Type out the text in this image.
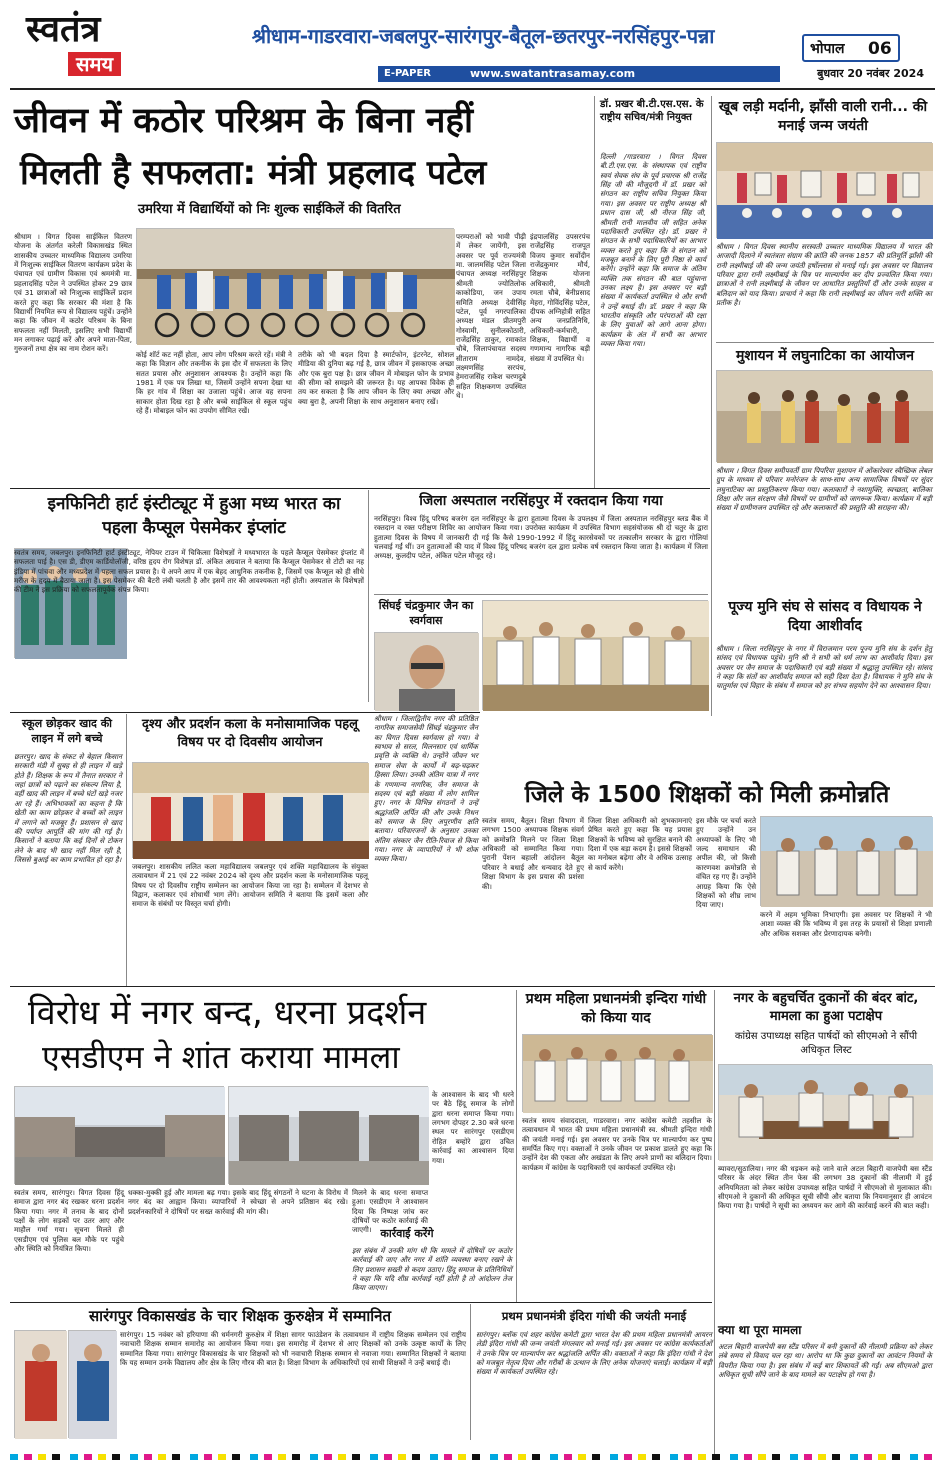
स्वतंत्र
समय
श्रीधाम-गाडरवारा-जबलपुर-सारंगपुर-बैतूल-छतरपुर-नरसिंहपुर-पन्ना
भोपाल 06
E-PAPER	www.swatantrasamay.com	बुधवार 20 नवंबर 2024
जीवन में कठोर परिश्रम के बिना नहीं
मिलती है सफलता: मंत्री प्रहलाद पटेल
उमरिया में विद्यार्थियों को निः शुल्क साईकिलें की वितरित
श्रीधाम । विगत दिवस साईकिल वितरण योजना के अंतर्गत करेली विकासखंड स्थित शासकीय उच्चतर माध्यमिक विद्यालय उमरिया में निःशुल्क साईकिल वितरण कार्यक्रम प्रदेश के पंचायत एवं ग्रामीण विकास एवं श्रममंत्री मा. प्रहलादसिंह पटेल ने उपस्थित होकर 29 छात्र एवं 31 छात्राओं को निःशुल्क साईकिलें प्रदान करते हुए कहा कि सरकार की मंशा है कि विद्यार्थी नियमित रूप से विद्यालय पहुंचें। उन्होंने कहा कि जीवन में कठोर परिश्रम के बिना सफलता नहीं मिलती, इसलिए सभी विद्यार्थी मन लगाकर पढ़ाई करें और अपने माता-पिता, गुरुजनों तथा क्षेत्र का नाम रोशन करें।
कोई शॉर्ट कट नहीं होता, आप लोग परिश्रम करते रहें। मंत्री ने कहा कि विज्ञान और तकनीक के इस दौर में सफलता के लिए सतत प्रयास और अनुशासन आवश्यक है। उन्होंने कहा कि 1981 में एक पत्र लिखा था, जिसमें उन्होंने सपना देखा था कि हर गांव में शिक्षा का उजाला पहुंचे। आज वह सपना साकार होता दिख रहा है और बच्चे साईकिल से स्कूल पहुंच रहे हैं। मोबाइल फोन का उपयोग सीमित रखें।
तरीके को भी बदल दिया है स्मार्टफोन, इंटरनेट, सोशल मीडिया की दुनिया बढ़ गई है, छात्र जीवन में इसकाएक अच्छा और एक बुरा पक्ष है। छात्र जीवन में मोबाइल फोन के प्रभाव की सीमा को समझने की जरूरत है। यह आपका विवेक ही तय कर सकता है कि आप जीवन के लिए क्या अच्छा और क्या बुरा है, अपनी शिक्षा के साथ अनुशासन बनाए रखें।
परम्पराओं को भावी पीढ़ी में लेकर जायेंगी, इस अवसर पर पूर्व राज्यमंत्री मा. जालमसिंह पटेल जिला पंचायत अध्यक्ष नरसिंहपुर श्रीमती ज्योतिलोक काकोडिया, जन उपाय समिति अध्यक्ष देवीसिंह पटेल, पूर्व नगरपालिका अध्यक्ष मंडल प्रीतमपुरी गोस्वामी, सुनीलकोठारी, राजेंद्रसिंह ठाकुर, रमाकांत चौबे, जिलापंचायत सदस्य सीताराम नामदेव, लक्ष्मणसिंह सरपंच, हेमराजसिंह राकेश चरणदुबे सहित शिक्षकगण उपस्थित थे।
इंद्रपालसिंह उपसरपंच राजेंद्रसिंह राजपूत विजय कुमार सर्वोदीन राजेंद्रकुमार मौर्य, शिक्षक योजना अधिकारी, श्रीमती रमता चौबे, बेनीप्रसाद मेहरा, गोविंदसिंह पटेल, दीपक अग्निहोत्री सहित अन्य जनप्रतिनिधि, अधिकारी-कर्मचारी, शिक्षक, विद्यार्थी व गणमान्य नागरिक बड़ी संख्या में उपस्थित थे।
डॉ. प्रखर बी.टी.एस.एस. के राष्ट्रीय सचिव/मंत्री नियुक्त
दिल्ली /गाडरवारा । विगत दिवस बी.टी.एस.एस. के संस्थापक एवं राष्ट्रीय स्वयं सेवक संघ के पूर्व प्रचारक श्री राजेंद्र सिंह जी की मौजूदगी में डॉ. प्रखर को संगठन का राष्ट्रीय सचिव नियुक्त किया गया। इस अवसर पर राष्ट्रीय अध्यक्ष श्री प्रधान दास जी, श्री नीरज सिंह जी, श्रीमती रानी मालवीय जी सहित अनेक पदाधिकारी उपस्थित रहे। डॉ. प्रखर ने संगठन के सभी पदाधिकारियों का आभार व्यक्त करते हुए कहा कि वे संगठन को मजबूत बनाने के लिए पूरी निष्ठा से कार्य करेंगे। उन्होंने कहा कि समाज के अंतिम व्यक्ति तक संगठन की बात पहुंचाना उनका लक्ष्य है। इस अवसर पर बड़ी संख्या में कार्यकर्ता उपस्थित थे और सभी ने उन्हें बधाई दी। डॉ. प्रखर ने कहा कि भारतीय संस्कृति और परंपराओं की रक्षा के लिए युवाओं को आगे आना होगा। कार्यक्रम के अंत में सभी का आभार व्यक्त किया गया।
खूब लड़ी मर्दानी, झाँसी वाली रानी... की मनाई जन्म जयंती
श्रीधाम । विगत दिवस स्थानीय सरस्वती उच्चतर माध्यमिक विद्यालय में भारत की आजादी दिलाने में स्वतंत्रता संग्राम की क्रांति की जनक 1857 की प्रतिमूर्ति झाँसी की रानी लक्ष्मीबाई जी की जन्म जयंती हर्षोल्लास से मनाई गई। इस अवसर पर विद्यालय परिवार द्वारा रानी लक्ष्मीबाई के चित्र पर माल्यार्पण कर दीप प्रज्वलित किया गया। छात्राओं ने रानी लक्ष्मीबाई के जीवन पर आधारित प्रस्तुतियाँ दीं और उनके साहस व बलिदान को याद किया। प्राचार्य ने कहा कि रानी लक्ष्मीबाई का जीवन नारी शक्ति का प्रतीक है।
मुशायन में लघुनाटिका का आयोजन
श्रीधाम । विगत दिवस समीपवर्ती ग्राम पिपरिया मुशायन में ओंकारेश्वर स्वैच्छिक लेबल ग्रुप के माध्यम से परिवार मनोरंजन के साथ-साथ अन्य सामाजिक विषयों पर सुंदर लघुनाटिका का प्रस्तुतिकरण किया गया। कलाकारों ने नशामुक्ति, स्वच्छता, बालिका शिक्षा और जल संरक्षण जैसे विषयों पर ग्रामीणों को जागरूक किया। कार्यक्रम में बड़ी संख्या में ग्रामीणजन उपस्थित रहे और कलाकारों की प्रस्तुति की सराहना की।
इनफिनिटी हार्ट इंस्टीट्यूट में हुआ मध्य भारत का पहला कैप्सूल पेसमेकर इंप्लांट
स्वतंत्र समय, जबलपुर। इनफिनिटी हार्ट इंस्टीट्यूट, नेपियर टाउन में चिकित्सा विशेषज्ञों ने मध्यभारत के पहले कैप्सूल पेसमेकर इंप्लांट में सफलता पाई है। एस डी, डीएम कार्डियोलॉजी, वरिष्ठ हृदय रोग विशेषज्ञ डॉ. अंकित अग्रवाल ने बताया कि कैप्सूल पेसमेकर से टोटी का नह इंडिया में पांचवा और मध्यप्रदेश में पहला सफल प्रयास है। ये अपने आप में एक बेहद आधुनिक तकनीक है, जिसमें एक कैप्सूल को ही सीधे मरीज के हृदय में बैठाया जाता है। इस पेसमेकर की बैटरी लंबी चलती है और इसमें तार की आवश्यकता नहीं होती। अस्पताल के विशेषज्ञों की टीम ने इस प्रक्रिया को सफलतापूर्वक संपन्न किया।
जिला अस्पताल नरसिंहपुर में रक्तदान किया गया
नरसिंहपुर। विश्व हिंदू परिषद बजरंग दल नरसिंहपुर के द्वारा हुतात्मा दिवस के उपलक्ष्य में जिला अस्पताल नरसिंहपुर ब्लड बैंक में रक्तदान व रक्त परीक्षण शिविर का आयोजन किया गया। उपरोक्त कार्यक्रम में उपस्थित विभाग सहसंयोजक श्री दो चतुर के द्वारा हुतात्मा दिवस के विषय में जानकारी दी गई कि कैसे 1990-1992 में हिंदू कारसेवकों पर तत्कालीन सरकार के द्वारा गोलियां चलवाई गईं थीं। उन हुतात्माओं की याद में विश्व हिंदू परिषद बजरंग दल द्वारा प्रत्येक वर्ष रक्तदान किया जाता है। कार्यक्रम में जिला अध्यक्ष, कुलदीप पटेल, अंकित पटेल मौजूद रहे।
सिंघई चंद्रकुमार जैन का स्वर्गवास
श्रीधाम । जिलाद्वितीय नगर की प्रतिष्ठित नागरिक समाजसेवी सिंघई चंद्रकुमार जैन का विगत दिवस स्वर्गवास हो गया। वे स्वभाव से सरल, मिलनसार एवं धार्मिक प्रवृत्ति के व्यक्ति थे। उन्होंने जीवन भर समाज सेवा के कार्यों में बढ़-चढ़कर हिस्सा लिया। उनकी अंतिम यात्रा में नगर के गणमान्य नागरिक, जैन समाज के सदस्य एवं बड़ी संख्या में लोग शामिल हुए। नगर के विभिन्न संगठनों ने उन्हें श्रद्धांजलि अर्पित की और उनके निधन को समाज के लिए अपूरणीय क्षति बताया। परिवारजनों के अनुसार उनका अंतिम संस्कार जैन रीति-रिवाज से किया गया। नगर के व्यापारियों ने भी शोक व्यक्त किया।
पूज्य मुनि संघ से सांसद व विधायक ने दिया आशीर्वाद
श्रीधाम । जिला नरसिंहपुर के नगर में विराजमान परम पूज्य मुनि संघ के दर्शन हेतु सांसद एवं विधायक पहुंचे। मुनि श्री ने सभी को धर्म लाभ का आशीर्वाद दिया। इस अवसर पर जैन समाज के पदाधिकारी एवं बड़ी संख्या में श्रद्धालु उपस्थित रहे। सांसद ने कहा कि संतों का आशीर्वाद समाज को सही दिशा देता है। विधायक ने मुनि संघ के चातुर्मास एवं विहार के संबंध में समाज को हर संभव सहयोग देने का आश्वासन दिया।
स्कूल छोड़कर खाद की लाइन में लगे बच्चे
छतरपुर। खाद के संकट से बेहाल किसान सरकारी मंडी में सुबह से ही लाइन में खड़े होते हैं। शिक्षक के रूप में तैनात सरकार ने जहां छात्रों को पढ़ाने का संकल्प लिया है, वहीं खाद की लाइन में बच्चे घंटों खड़े नजर आ रहे हैं। अभिभावकों का कहना है कि खेती का काम छोड़कर वे बच्चों को लाइन में लगाने को मजबूर हैं। प्रशासन से खाद की पर्याप्त आपूर्ति की मांग की गई है। किसानों ने बताया कि कई दिनों से टोकन लेने के बाद भी खाद नहीं मिल रही है, जिससे बुआई का काम प्रभावित हो रहा है।
दृश्य और प्रदर्शन कला के मनोसामाजिक पहलू विषय पर दो दिवसीय आयोजन
जबलपुर। शासकीय ललित कला महाविद्यालय जबलपुर एवं शक्ति महाविद्यालय के संयुक्त तत्वावधान में 21 एवं 22 नवंबर 2024 को दृश्य और प्रदर्शन कला के मनोसामाजिक पहलू विषय पर दो दिवसीय राष्ट्रीय सम्मेलन का आयोजन किया जा रहा है। सम्मेलन में देशभर से विद्वान, कलाकार एवं शोधार्थी भाग लेंगे। आयोजन समिति ने बताया कि इसमें कला और समाज के संबंधों पर विस्तृत चर्चा होगी।
जिले के 1500 शिक्षकों को मिली क्रमोन्नति
स्वतंत्र समय, बैतूल। शिक्षा विभाग में लगभग 1500 अध्यापक शिक्षक संवर्ग को क्रमोन्नति मिलने पर जिला शिक्षा अधिकारी को सम्मानित किया गया। पुरानी पेंशन बहाली आंदोलन बैतूल परिवार ने बधाई और धन्यवाद देते हुए शिक्षा विभाग के इस प्रयास की प्रशंसा की।
जिला शिक्षा अधिकारी को शुभकामनाएं प्रेषित करते हुए कहा कि यह प्रयास शिक्षकों के भविष्य को सुरक्षित बनाने की दिशा में एक बड़ा कदम है। इससे शिक्षकों का मनोबल बढ़ेगा और वे अधिक उत्साह से कार्य करेंगे।
इस मौके पर चर्चा करते हुए उन्होंने उन अध्यापकों के लिए भी जल्द समाधान की अपील की, जो किसी कारणवश क्रमोन्नति से वंचित रह गए हैं। उन्होंने आग्रह किया कि ऐसे शिक्षकों को शीघ्र लाभ दिया जाए।
करने में अहम भूमिका निभाएगी। इस अवसर पर शिक्षकों ने भी आशा व्यक्त की कि भविष्य में इस तरह के प्रयासों से शिक्षा प्रणाली और अधिक सशक्त और प्रेरणादायक बनेगी।
विरोध में नगर बन्द, धरना प्रदर्शन
एसडीएम ने शांत कराया मामला
स्वतंत्र समय, सारंगपुर। विगत दिवस हिंदू समाज द्वारा नगर बंद रखकर धरना प्रदर्शन किया गया। नगर में तनाव के बाद दोनों पक्षों के लोग सड़कों पर उतर आए और माहौल गर्मा गया। सूचना मिलते ही एसडीएम एवं पुलिस बल मौके पर पहुंचे और स्थिति को नियंत्रित किया।
धक्का-मुक्की हुई और मामला बढ़ गया। इसके बाद हिंदू संगठनों ने घटना के विरोध में नगर बंद का आह्वान किया। व्यापारियों ने स्वेच्छा से अपने प्रतिष्ठान बंद रखे। प्रदर्शनकारियों ने दोषियों पर सख्त कार्रवाई की मांग की।
मिलने के बाद धरना समाप्त हुआ। एसडीएम ने आश्वासन दिया कि निष्पक्ष जांच कर दोषियों पर कठोर कार्रवाई की जाएगी। कार्रवाई करेंगे
इस संबंध में उनकी मांग थी कि मामले में दोषियों पर कठोर कार्रवाई की जाए और नगर में शांति व्यवस्था बनाए रखने के लिए प्रशासन सख्ती से कदम उठाए। हिंदू समाज के प्रतिनिधियों ने कहा कि यदि शीघ्र कार्रवाई नहीं होती है तो आंदोलन तेज किया जाएगा।
के आश्वासन के बाद भी धरने पर बैठे हिंदू समाज के लोगों द्वारा धरना समाप्त किया गया। लगभग दोपहर 2.30 बजे धरना स्थल पर सारंगपुर एसडीएम रोहित बम्होरे द्वारा उचित कार्रवाई का आश्वासन दिया गया।
प्रथम महिला प्रधानमंत्री इन्दिरा गांधी को किया याद
स्वतंत्र समय संवाददाता, गाडरवारा। नगर कांग्रेस कमेटी तहसील के तत्वावधान में भारत की प्रथम महिला प्रधानमंत्री स्व. श्रीमती इन्दिरा गांधी की जयंती मनाई गई। इस अवसर पर उनके चित्र पर माल्यार्पण कर पुष्प समर्पित किए गए। वक्ताओं ने उनके जीवन पर प्रकाश डालते हुए कहा कि उन्होंने देश की एकता और अखंडता के लिए अपने प्राणों का बलिदान दिया। कार्यक्रम में कांग्रेस के पदाधिकारी एवं कार्यकर्ता उपस्थित रहे।
नगर के बहुचर्चित दुकानों की बंदर बांट, मामला का हुआ पटाक्षेप
कांग्रेस उपाध्यक्ष सहित पार्षदों को सीएमओ ने सौंपी अधिकृत लिस्ट
ब्यावरा/सुठालिया। नगर की धड़कन कहे जाने वाले अटल बिहारी वाजपेयी बस स्टैंड परिसर के अंदर स्थित तीन फेस की लगभग 38 दुकानों की नीलामी में हुई अनियमितता को लेकर कांग्रेस उपाध्यक्ष सहित पार्षदों ने सीएमओ से मुलाकात की। सीएमओ ने दुकानों की अधिकृत सूची सौंपी और बताया कि नियमानुसार ही आवंटन किया गया है। पार्षदों ने सूची का अध्ययन कर आगे की कार्रवाई करने की बात कही।
क्या था पूरा मामला
अटल बिहारी वाजपेयी बस स्टैंड परिसर में बनी दुकानों की नीलामी प्रक्रिया को लेकर लंबे समय से विवाद चल रहा था। आरोप था कि कुछ दुकानों का आवंटन नियमों के विपरीत किया गया है। इस संबंध में कई बार शिकायतें की गईं। अब सीएमओ द्वारा अधिकृत सूची सौंपे जाने के बाद मामले का पटाक्षेप हो गया है।
सारंगपुर विकासखंड के चार शिक्षक कुरुक्षेत्र में सम्मानित
सारंगपुर। 15 नवंबर को हरियाणा की धर्मनगरी कुरुक्षेत्र में शिक्षा सागर फाउंडेशन के तत्वावधान में राष्ट्रीय शिक्षक सम्मेलन एवं राष्ट्रीय नवाचारी शिक्षक सम्मान समारोह का आयोजन किया गया। इस समारोह में देशभर से आए शिक्षकों को उनके उत्कृष्ट कार्यों के लिए सम्मानित किया गया। सारंगपुर विकासखंड के चार शिक्षकों को भी नवाचारी शिक्षक सम्मान से नवाजा गया। सम्मानित शिक्षकों ने बताया कि यह सम्मान उनके विद्यालय और क्षेत्र के लिए गौरव की बात है। शिक्षा विभाग के अधिकारियों एवं साथी शिक्षकों ने उन्हें बधाई दी।
प्रथम प्रधानमंत्री इंदिरा गांधी की जयंती मनाई
सारंगपुर। ब्लॉक एवं शहर कांग्रेस कमेटी द्वारा भारत देश की प्रथम महिला प्रधानमंत्री आयरन लेडी इंदिरा गांधी की जन्म जयंती मंगलवार को मनाई गई। इस अवसर पर कांग्रेस कार्यकर्ताओं ने उनके चित्र पर माल्यार्पण कर श्रद्धांजलि अर्पित की। वक्ताओं ने कहा कि इंदिरा गांधी ने देश को मजबूत नेतृत्व दिया और गरीबों के उत्थान के लिए अनेक योजनाएं चलाईं। कार्यक्रम में बड़ी संख्या में कार्यकर्ता उपस्थित रहे।
